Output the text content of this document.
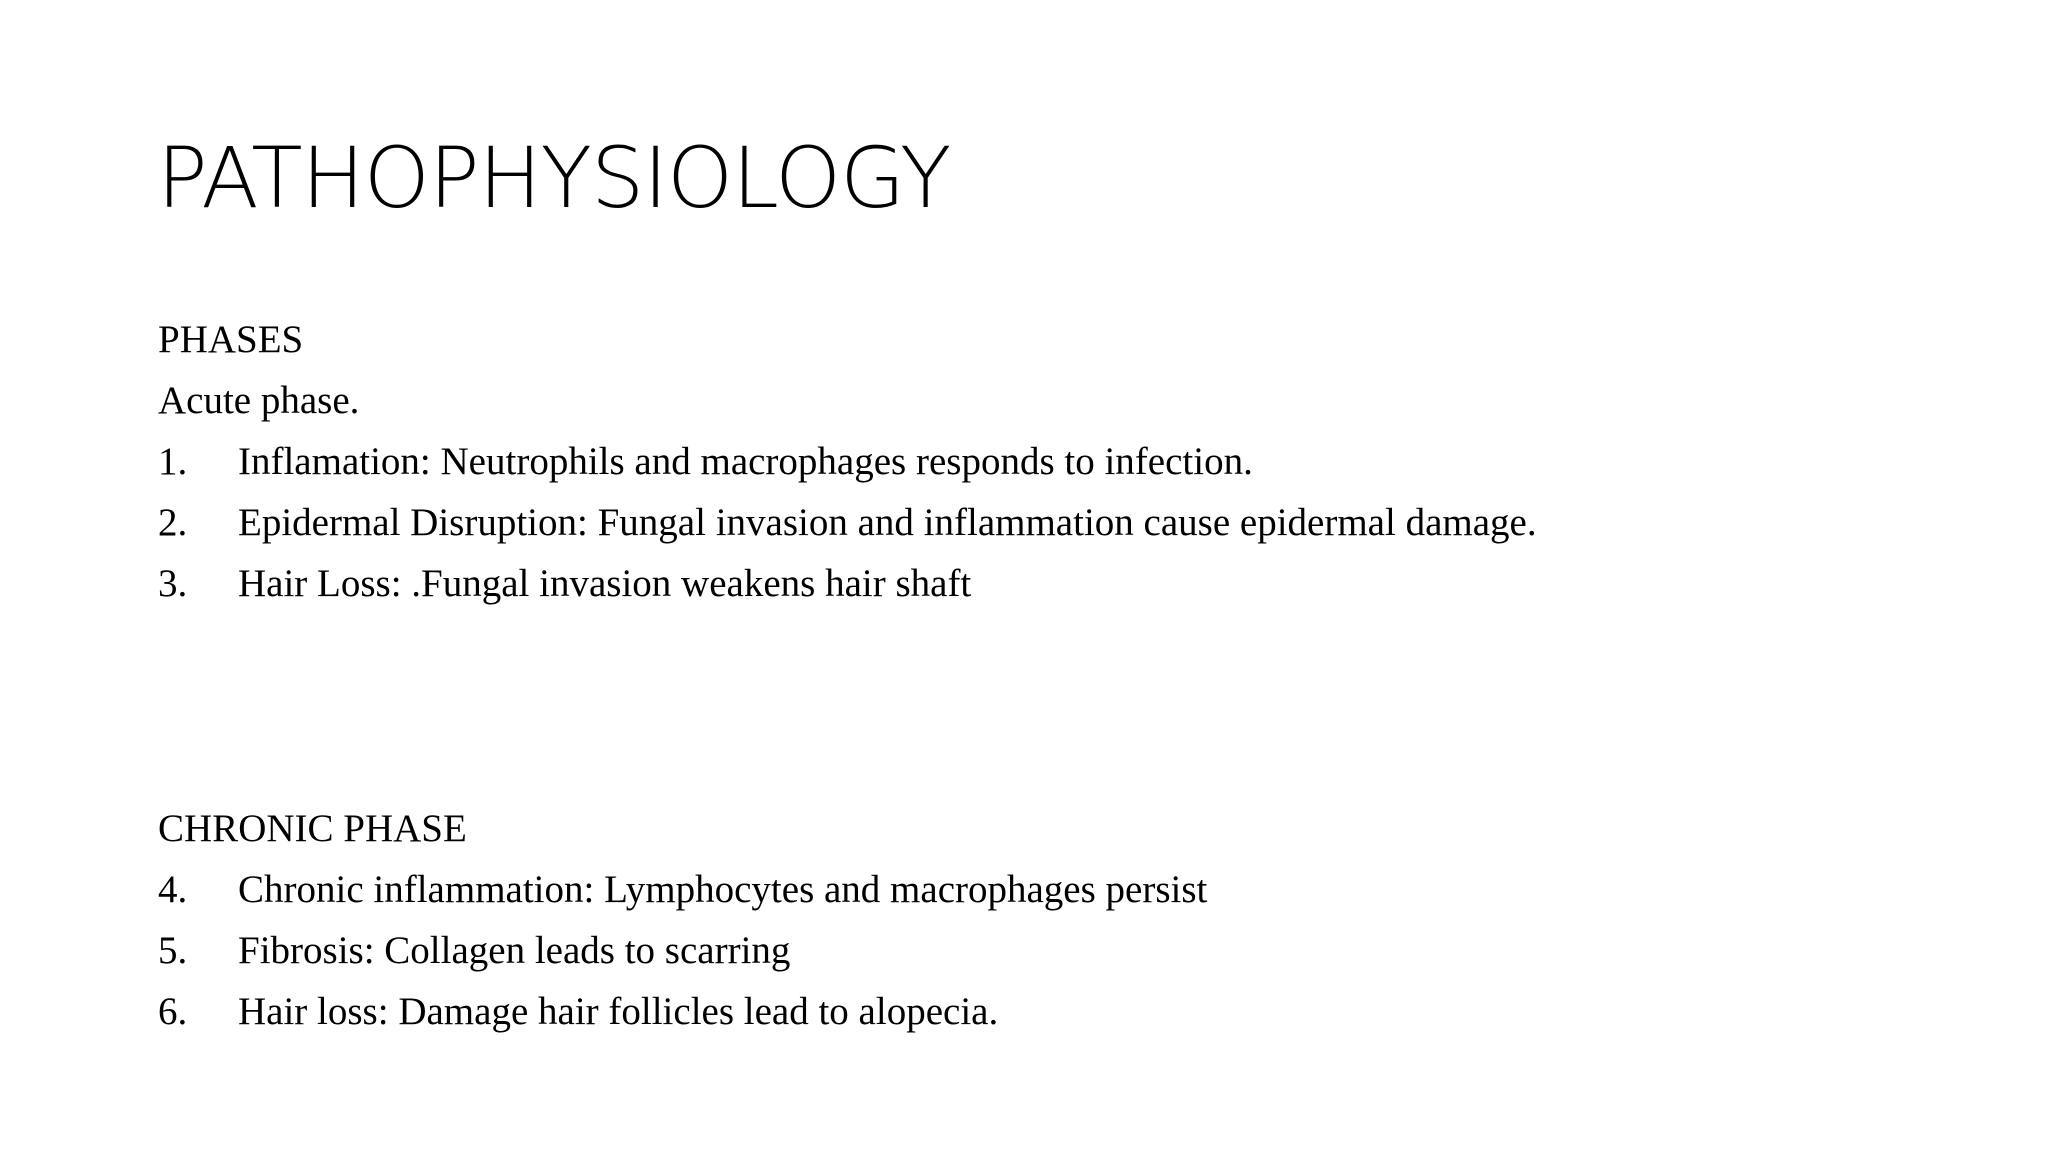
PATHOPHYSIOLOGY
PHASES
Acute phase.
1. Inflamation: Neutrophils and macrophages responds to infection.
2. Epidermal Disruption: Fungal invasion and inflammation cause epidermal damage.
3. Hair Loss: .Fungal invasion weakens hair shaft
CHRONIC PHASE
4. Chronic inflammation: Lymphocytes and macrophages persist
5. Fibrosis: Collagen leads to scarring
6. Hair loss: Damage hair follicles lead to alopecia.
